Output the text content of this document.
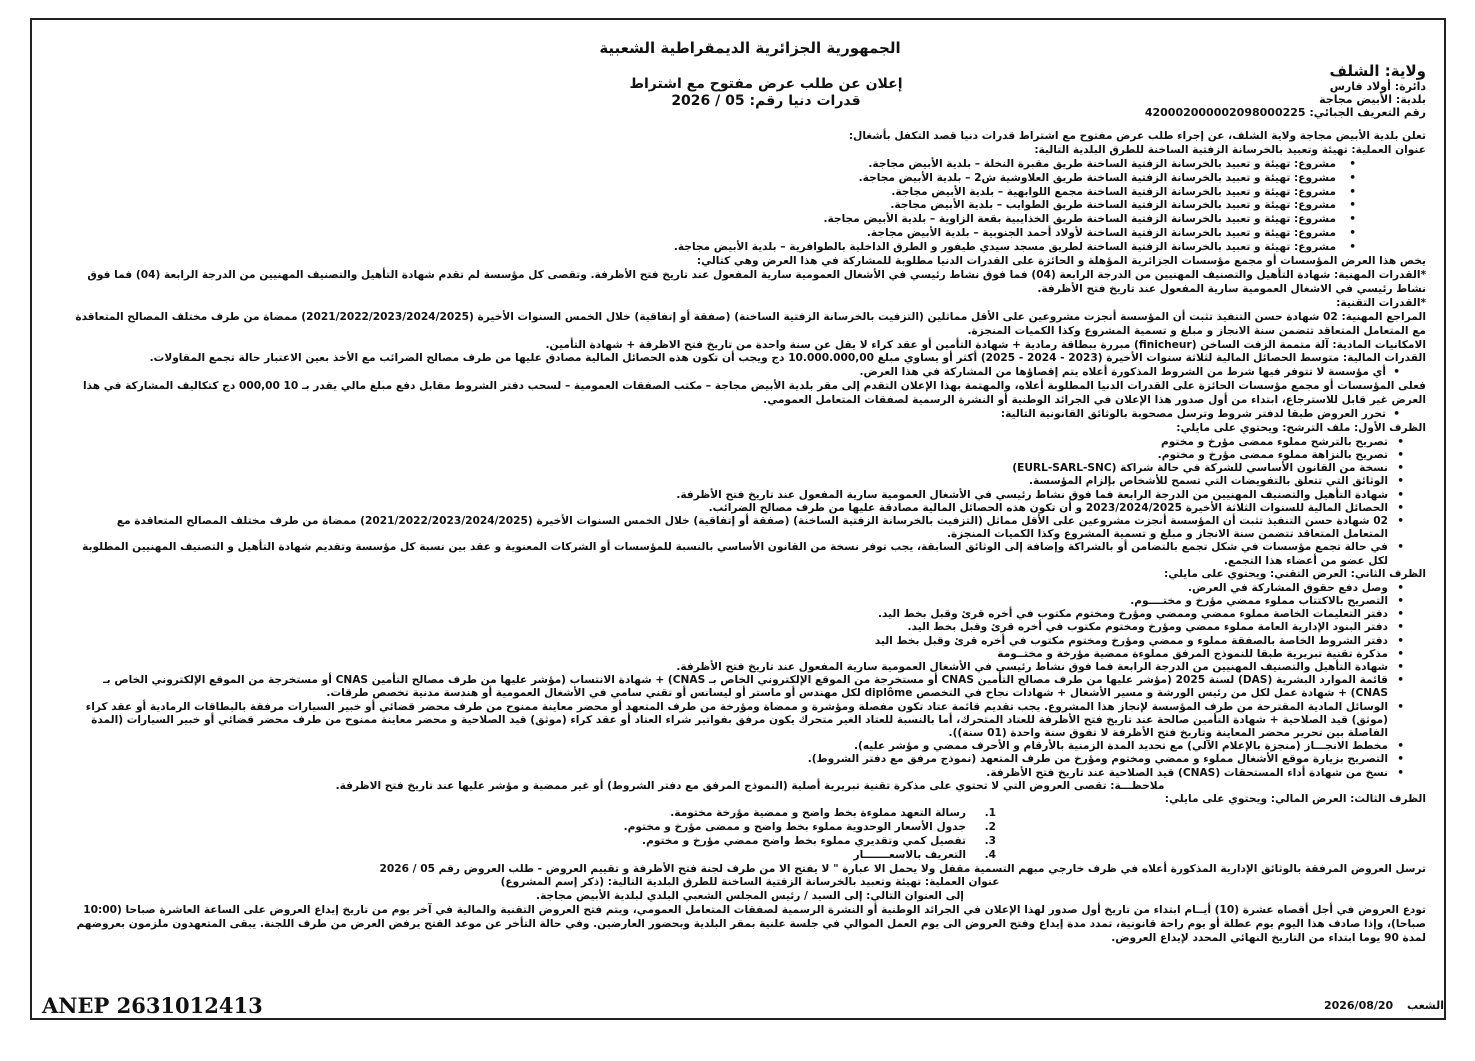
الجمهورية الجزائرية الديمقراطية الشعبية
ولاية: الشلف
دائرة: أولاد فارس
بلدية: الأبيض مجاجة
رقم التعريف الجبائي: 420002000002098000225
إعلان عن طلب عرض مفتوح مع اشتراط
قدرات دنيا رقم: 05 / 2026

تعلن بلدية الأبيض مجاجة ولاية الشلف، عن إجراء طلب عرض مفتوح مع اشتراط قدرات دنيا قصد التكفل بأشغال:

عنوان العملية: تهيئة وتعبيد بالخرسانة الزفتية الساخنة للطرق البلدية التالية:

• مشروع: تهيئة و تعبيد بالخرسانة الزفتية الساخنة طريق مقبرة النخلة – بلدية الأبيض مجاجة.

• مشروع: تهيئة و تعبيد بالخرسانة الزفتية الساخنة طريق العلاوشية ش2 – بلدية الأبيض مجاجة.

• مشروع: تهيئة و تعبيد بالخرسانة الزفتية الساخنة مجمع اللوابهية – بلدية الأبيض مجاجة.

• مشروع: تهيئة و تعبيد بالخرسانة الزفتية الساخنة طريق الطوايب – بلدية الأبيض مجاجة.

• مشروع: تهيئة و تعبيد بالخرسانة الزفتية الساخنة طريق الخذايبية بقعة الزاوية – بلدية الأبيض مجاجة.

• مشروع: تهيئة و تعبيد بالخرسانة الزفتية الساخنة لأولاد أحمد الجنوبية – بلدية الأبيض مجاجة.

• مشروع: تهيئة و تعبيد بالخرسانة الزفتية الساخنة لطريق مسجد سيدي طيفور و الطرق الداخلية بالطوافرية – بلدية الأبيض مجاجة.

يخص هذا العرض المؤسسات أو مجمع مؤسسات الجزائرية المؤهلة و الحائزة على القدرات الدنيا مطلوبة للمشاركة في هذا العرض وهي كتالي:

*القدرات المهنية: شهادة التأهيل والتصنيف المهنيين من الدرجة الرابعة (04) فما فوق نشاط رئيسي في الأشغال العمومية سارية المفعول عند تاريخ فتح الأظرفة. وتقصى كل مؤسسة لم تقدم شهادة التأهيل والتصنيف المهنيين من الدرجة الرابعة (04) فما فوق نشاط رئيسي في الاشغال العمومية سارية المفعول عند تاريخ فتح الأظرفة.

*القدرات التقنية:

المراجع المهنية: 02 شهادة حسن التنفيذ تثبت أن المؤسسة أنجزت مشروعين على الأقل مماثلين (التزفيت بالخرسانة الزفتية الساخنة) (صفقة أو إتفاقية) خلال الخمس السنوات الأخيرة (2021/2022/2023/2024/2025) ممضاة من طرف مختلف المصالح المتعاقدة مع المتعامل المتعاقد تتضمن سنة الانجاز و مبلغ و تسمية المشروع وكذا الكميات المنجزة.

الامكانيات المادية: آلة متممة الزفت الساخن (finicheur) مبررة ببطاقة رمادية + شهادة التأمين أو عقد كراء لا يقل عن سنة واحدة من تاريخ فتح الاظرفة + شهادة التأمين.

القدرات المالية: متوسط الحصائل المالية لثلاثة سنوات الأخيرة (2023 - 2024 - 2025) أكثر أو يساوي مبلغ 10.000.000,00 دج ويجب أن تكون هذه الحصائل المالية مصادق عليها من طرف مصالح الضرائب مع الأخذ بعين الاعتبار حالة تجمع المقاولات.

• أي مؤسسة لا تتوفر فيها شرط من الشروط المذكورة أعلاه يتم إقصاؤها من المشاركة في هذا العرض.

فعلى المؤسسات أو مجمع مؤسسات الحائزة على القدرات الدنيا المطلوبة أعلاه، والمهتمة بهذا الإعلان التقدم إلى مقر بلدية الأبيض مجاجة – مكتب الصفقات العمومية – لسحب دفتر الشروط مقابل دفع مبلغ مالي يقدر بـ 10 000,00 دج كتكاليف المشاركة في هذا العرض غير قابل للاسترجاع، ابتداء من أول صدور هذا الإعلان في الجرائد الوطنية أو النشرة الرسمية لصفقات المتعامل العمومي.

• تحرر العروض طبقا لدفتر شروط وترسل مصحوبة بالوثائق القانونية التالية:

الظرف الأول: ملف الترشح: ويحتوي على مايلي:

• تصريح بالترشح مملوء ممضى مؤرخ و مختوم

• تصريح بالنزاهة مملوء ممضى مؤرخ و مختوم.

• نسخة من القانون الأساسي للشركة في حالة شراكة (EURL-SARL-SNC)

• الوثائق التي تتعلق بالتفويضات التي تسمح للأشخاص بإلزام المؤسسة.

• شهادة التأهيل والتصنيف المهنيين من الدرجة الرابعة فما فوق نشاط رئيسي في الأشغال العمومية سارية المفعول عند تاريخ فتح الأظرفة.

• الحصائل المالية للسنوات الثلاثة الأخيرة 2023/2024/2025 و أن تكون هذه الحصائل المالية مصادقة عليها من طرف مصالح الضرائب.

• 02 شهادة حسن التنفيذ تثبت أن المؤسسة أنجزت مشروعين على الأقل مماثل (التزفيت بالخرسانة الزفتية الساخنة) (صفقة أو إتفاقية) خلال الخمس السنوات الأخيرة (2021/2022/2023/2024/2025) ممضاة من طرف مختلف المصالح المتعاقدة مع المتعامل المتعاقد تتضمن سنة الانجاز و مبلغ و تسمية المشروع وكذا الكميات المنجزة.

• في حالة تجمع مؤسسات في شكل تجمع بالتضامن أو بالشراكة وإضافة إلى الوثائق السابقة، يجب توفر نسخة من القانون الأساسي بالنسبة للمؤسسات أو الشركات المعنوية و عقد بين نسبة كل مؤسسة وتقديم شهادة التأهيل و التصنيف المهنيين المطلوبة لكل عضو من أعضاء هذا التجمع.

الظرف الثاني: العرض التقني: ويحتوي على مايلي:

• وصل دفع حقوق المشاركة في العرض.

• التصريح بالاكتتاب مملوء ممضي مؤرخ و مختــــوم.

• دفتر التعليمات الخاصة مملوء ممضي وممضي ومؤرخ ومختوم مكتوب في أخره قرئ وقبل بخط اليد.

• دفتر البنود الإدارية العامة مملوء ممضي ومؤرخ ومختوم مكتوب في أخره قرئ وقبل بخط اليد.

• دفتر الشروط الخاصة بالصفقة مملوء و ممضي ومؤرخ ومختوم مكتوب في أخره قرئ وقبل بخط اليد

• مذكرة تقنية تبريرية طبقا للنموذج المرفق مملوءة ممضية مؤرخة و مختــومة

• شهادة التأهيل والتصنيف المهنيين من الدرجة الرابعة فما فوق نشاط رئيسي في الأشغال العمومية سارية المفعول عند تاريخ فتح الأظرفة.

• قائمة الموارد البشرية (DAS) لسنة 2025 (مؤشر عليها من طرف مصالح التأمين CNAS أو مستخرجة من الموقع الإلكتروني الخاص بـ CNAS) + شهادة الانتساب (مؤشر عليها من طرف مصالح التأمين CNAS أو مستخرجة من الموقع الإلكتروني الخاص بـ CNAS) + شهادة عمل لكل من رئيس الورشة و مسير الأشغال + شهادات نجاح في التخصص diplôme لكل مهندس أو ماستر أو ليسانس أو تقني سامي في الأشغال العمومية أو هندسة مدنية تخصص طرقات.

• الوسائل المادية المقترحة من طرف المؤسسة لإنجاز هذا المشروع. يجب تقديم قائمة عتاد تكون مفصلة ومؤشرة و ممضاة ومؤرخة من طرف المتعهد أو محضر معاينة ممنوح من طرف محضر قضائي أو خبير السيارات مرفقة بالبطاقات الرمادية أو عقد كراء (موثق) قيد الصلاحية + شهادة التأمين صالحة عند تاريخ فتح الأظرفة للعتاد المتحرك، أما بالنسبة للعتاد الغير متحرك يكون مرفق بفواتير شراء العتاد أو عقد كراء (موثق) قيد الصلاحية و محضر معاينة ممنوح من طرف محضر قضائي أو خبير السيارات (المدة الفاصلة بين تحرير محضر المعاينة وتاريخ فتح الأظرفة لا تفوق سنة واحدة (01 سنة)).

• مخطط الانجـــاز (منجزة بالإعلام الآلي) مع تحديد المدة الزمنية بالأرقام و الأحرف ممضي و مؤشر عليه).

• التصريح بزيارة موقع الأشغال مملوء و ممضي ومختوم ومؤرخ من طرف المتعهد (نموذج مرفق مع دفتر الشروط).

• نسخ من شهادة أداء المستحقات (CNAS) قيد الصلاحية عند تاريخ فتح الأظرفة.

ملاحظـــة: تقصى العروض التي لا تحتوي على مذكرة تقنية تبريرية أصلية (النموذج المرفق مع دفتر الشروط) أو غير ممضية و مؤشر عليها عند تاريخ فتح الاظرفة.

الظرف الثالث: العرض المالي: ويحتوي على مايلي:

1.
رسالة التعهد مملوءة بخط واضح و ممضية مؤرخة مختومة.

2.
جدول الأسعار الوحدوية مملوء بخط واضح و ممضى مؤرخ و مختوم.

3.
تفصيل كمي وتقديري مملوء بخط واضح ممضي مؤرخ و مختوم.

4.
التعريف بالاسعـــــــار

ترسل العروض المرفقة بالوثائق الإدارية المذكورة أعلاه في ظرف خارجي مبهم التسمية مقفل ولا يحمل الا عبارة " لا يفتح الا من طرف لجنة فتح الأظرفة و تقييم العروض - طلب العروض رقم 05 / 2026

عنوان العملية: تهيئة وتعبيد بالخرسانة الزفتية الساخنة للطرق البلدية التالية: (ذكر إسم المشروع)

إلى العنوان التالي: إلى السيد / رئيس المجلس الشعبي البلدي لبلدية الأبيض مجاجة.

تودع العروض في أجل أقصاه عشرة (10) أيــام ابتداء من تاريخ أول صدور لهذا الإعلان في الجرائد الوطنية أو النشرة الرسمية لصفقات المتعامل العمومي، ويتم فتح العروض التقنية والمالية في آخر يوم من تاريخ إيداع العروض على الساعة العاشرة صباحا (10:00 صباحا)، وإذا صادف هذا اليوم يوم عطلة أو يوم راحة قانونية، تمدد مدة إيداع وفتح العروض الى يوم العمل الموالي في جلسة علنية بمقر البلدية وبحضور العارضين. وفي حالة التأخر عن موعد الفتح يرفض العرض من طرف اللجنة. يبقى المتعهدون ملزمون بعروضهم لمدة 90 يوما ابتداء من التاريخ النهائي المحدد لإيداع العروض.

ANEP 2631012413	الشعب 2026/08/20
